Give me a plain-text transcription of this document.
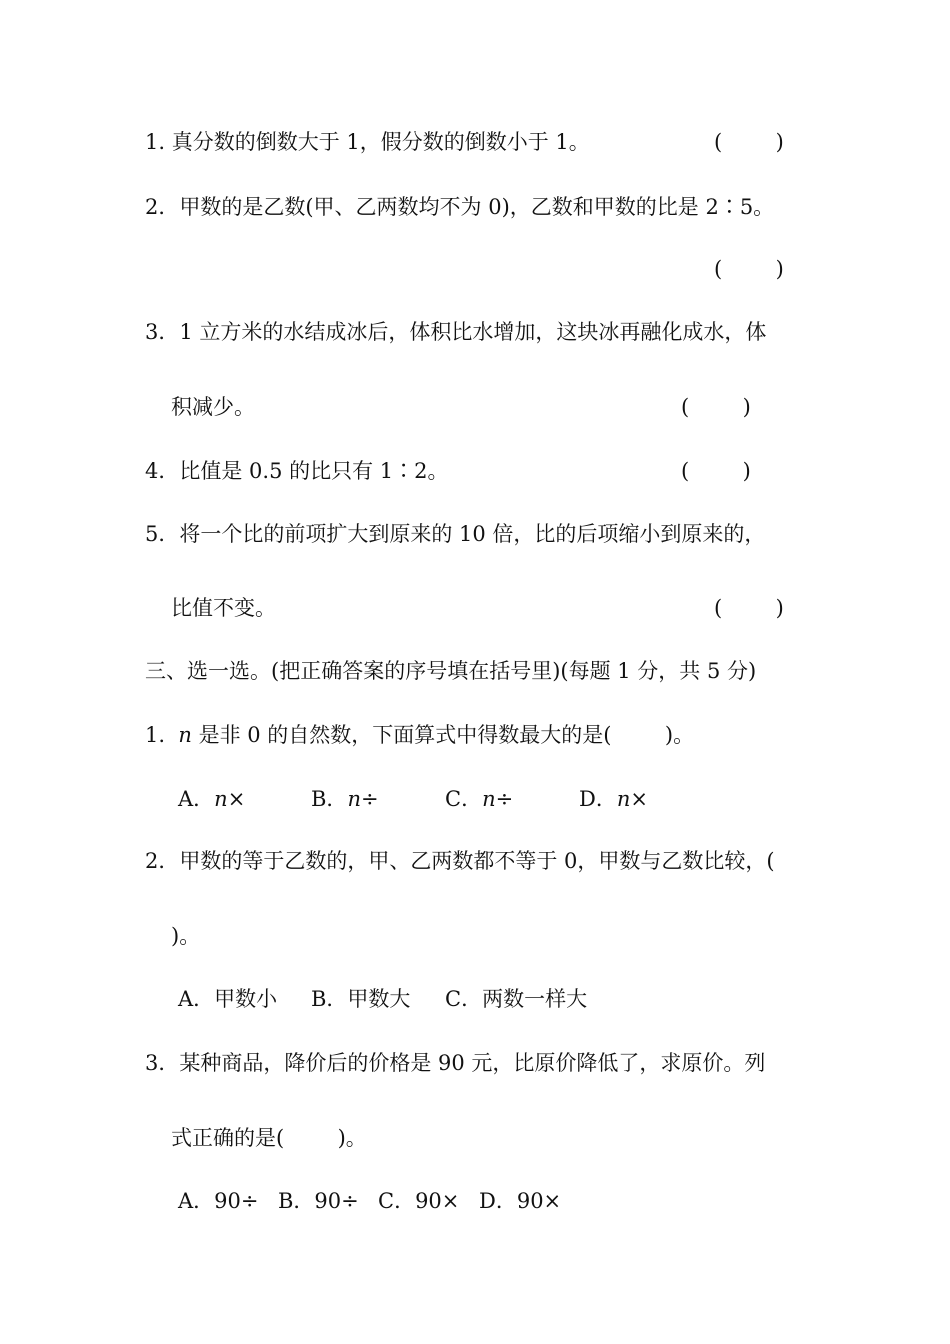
1. 真分数的倒数大于 1，假分数的倒数小于 1。	(        )
2．甲数的是乙数(甲、乙两数均不为 0)，乙数和甲数的比是 2∶5。
(        )
3．1 立方米的水结成冰后，体积比水增加，这块冰再融化成水，体
积减少。	(        )
4．比值是 0.5 的比只有 1∶2。	(        )
5．将一个比的前项扩大到原来的 10 倍，比的后项缩小到原来的，
比值不变。	(        )
三、选一选。(把正确答案的序号填在括号里)(每题 1 分，共 5 分)
1.  n 是非 0 的自然数，下面算式中得数最大的是(        )。
A．n×	B．n÷	C．n÷	D．n×
2．甲数的等于乙数的，甲、乙两数都不等于 0，甲数与乙数比较，(
)。
A．甲数小 B．甲数大 C．两数一样大
3．某种商品，降价后的价格是 90 元，比原价降低了，求原价。列
式正确的是(        )。
A．90÷ B．90÷ C．90× D．90×
